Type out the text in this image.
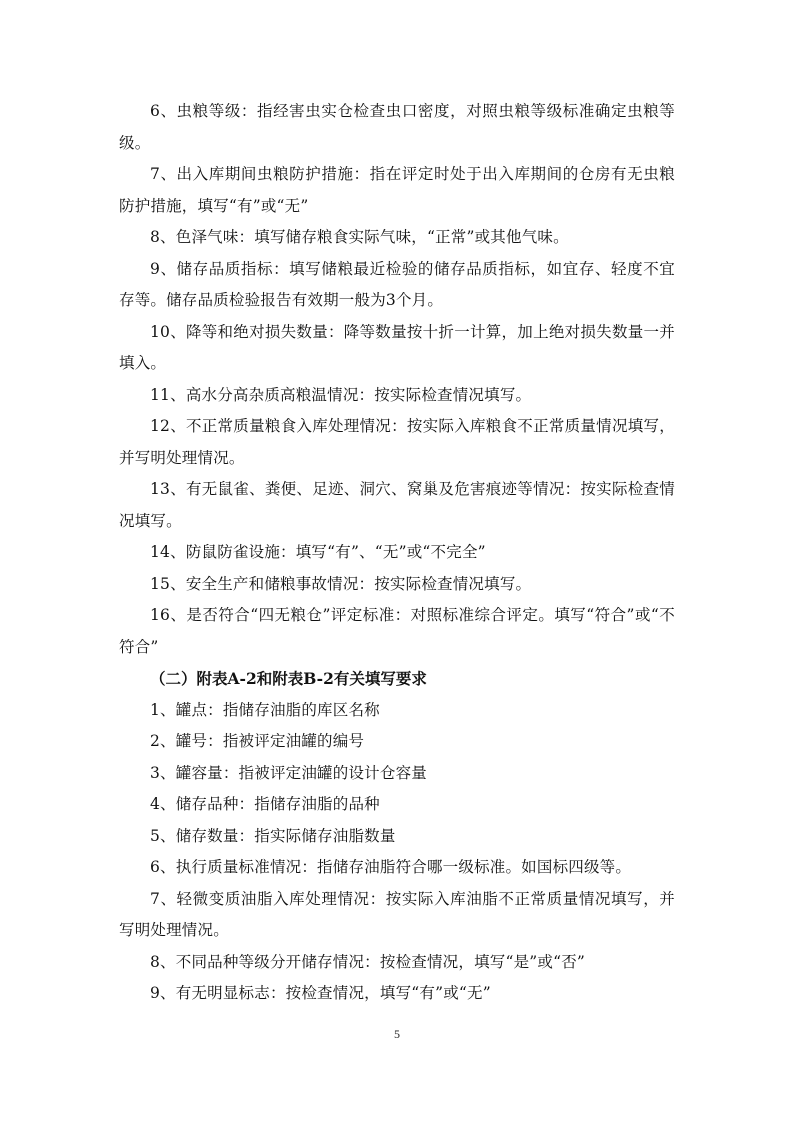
6、虫粮等级：指经害虫实仓检查虫口密度，对照虫粮等级标准确定虫粮等级。

7、出入库期间虫粮防护措施：指在评定时处于出入库期间的仓房有无虫粮防护措施，填写“有”或“无”

8、色泽气味：填写储存粮食实际气味，“正常”或其他气味。

9、储存品质指标：填写储粮最近检验的储存品质指标，如宜存、轻度不宜存等。储存品质检验报告有效期一般为3个月。

10、降等和绝对损失数量：降等数量按十折一计算，加上绝对损失数量一并填入。

11、高水分高杂质高粮温情况：按实际检查情况填写。

12、不正常质量粮食入库处理情况：按实际入库粮食不正常质量情况填写，并写明处理情况。

13、有无鼠雀、粪便、足迹、洞穴、窝巢及危害痕迹等情况：按实际检查情况填写。

14、防鼠防雀设施：填写“有”、“无”或“不完全”

15、安全生产和储粮事故情况：按实际检查情况填写。

16、是否符合“四无粮仓”评定标准：对照标准综合评定。填写“符合”或“不符合”

（二）附表A-2和附表B-2有关填写要求

1、罐点：指储存油脂的库区名称

2、罐号：指被评定油罐的编号

3、罐容量：指被评定油罐的设计仓容量

4、储存品种：指储存油脂的品种

5、储存数量：指实际储存油脂数量

6、执行质量标准情况：指储存油脂符合哪一级标准。如国标四级等。

7、轻微变质油脂入库处理情况：按实际入库油脂不正常质量情况填写，并写明处理情况。

8、不同品种等级分开储存情况：按检查情况，填写“是”或“否”

9、有无明显标志：按检查情况，填写“有”或“无”

5
